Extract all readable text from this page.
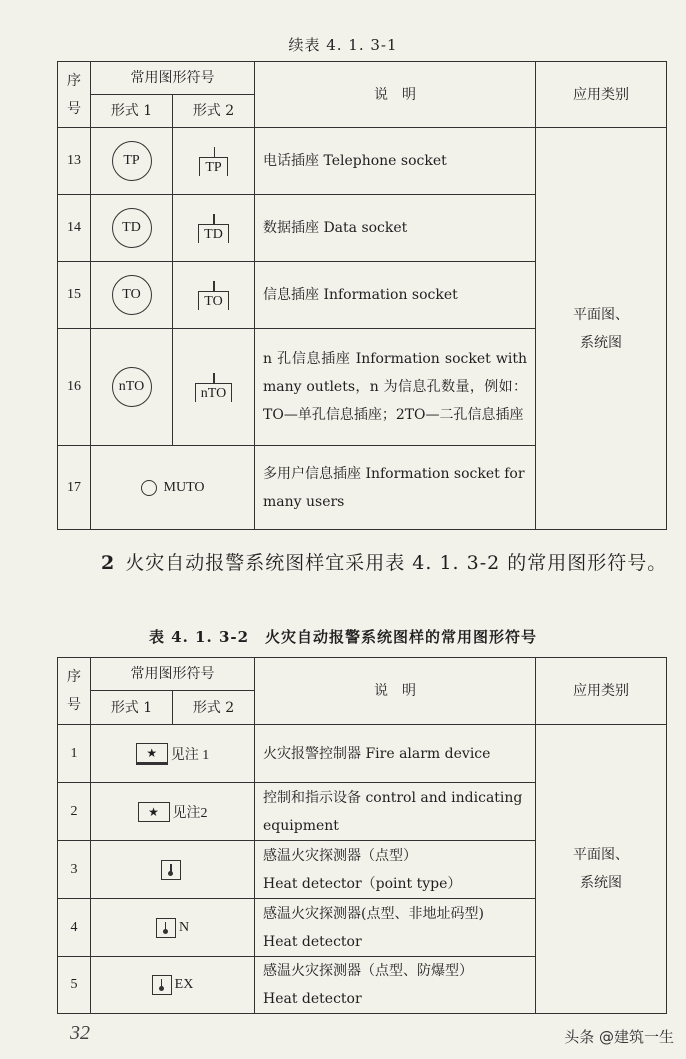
续表 4. 1. 3-1
序
号	常用图形符号		说　明	应用类别
	形式 1	形式 2		
13	TP	TP	电话插座 Telephone socket	平面图、
系统图
14	TD	TD	数据插座 Data socket	
15	TO	TO	信息插座 Information socket	
16	nTO	nTO	n 孔信息插座 Information socket with many outlets，n 为信息孔数量，例如：TO—单孔信息插座；2TO—二孔信息插座	
17	MUTO		多用户信息插座 Information socket for many users	
2 火灾自动报警系统图样宜采用表 4. 1. 3-2 的常用图形符号。
表 4. 1. 3-2　火灾自动报警系统图样的常用图形符号
序
号	常用图形符号		说　明	应用类别
	形式 1	形式 2		
1	★ 见注 1		火灾报警控制器 Fire alarm device	平面图、
系统图
2	★ 见注2		控制和指示设备 control and indicating equipment	
3			感温火灾探测器（点型）
Heat detector（point type）	
4	N		感温火灾探测器(点型、非地址码型)
Heat detector	
5	EX		感温火灾探测器（点型、防爆型）
Heat detector	
32	头条 @建筑一生
